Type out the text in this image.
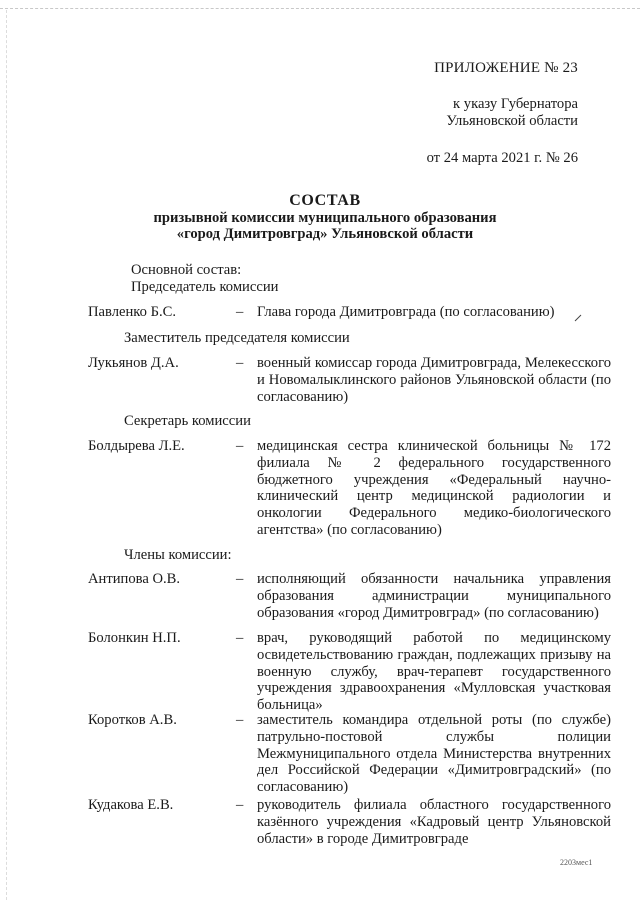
ПРИЛОЖЕНИЕ № 23
к указу Губернатора
Ульяновской области
от 24 марта 2021 г. № 26
СОСТАВ
призывной комиссии муниципального образования
«город Димитровград» Ульяновской области
Основной состав:
Председатель комиссии
Павленко Б.С.	– Глава города Димитровграда (по согласованию)
Заместитель председателя комиссии
Лукьянов Д.А.	– военный комиссар города Димитровграда, Мелекесского и Новомалыклинского районов Ульяновской области (по согласованию)
Секретарь комиссии
Болдырева Л.Е.	– медицинская сестра клинической больницы № 172 филиала № 2 федерального государственного бюджетного учреждения «Федеральный научно-клинический центр медицинской радиологии и онкологии Федерального медико-биологического агентства» (по согласованию)
Члены комиссии:
Антипова О.В.	– исполняющий обязанности начальника управления образования администрации муниципального образования «город Димитровград» (по согласованию)
Болонкин Н.П.	– врач, руководящий работой по медицинскому освидетельствованию граждан, подлежащих призыву на военную службу, врач-терапевт государственного учреждения здравоохранения «Мулловская участковая больница»
Коротков А.В.	– заместитель командира отдельной роты (по службе) патрульно-постовой службы полиции Межмуниципального отдела Министерства внутренних дел Российской Федерации «Димитровградский» (по согласованию)
Кудакова Е.В.	– руководитель филиала областного государственного казённого учреждения «Кадровый центр Ульяновской области» в городе Димитровграде
2203мес1
